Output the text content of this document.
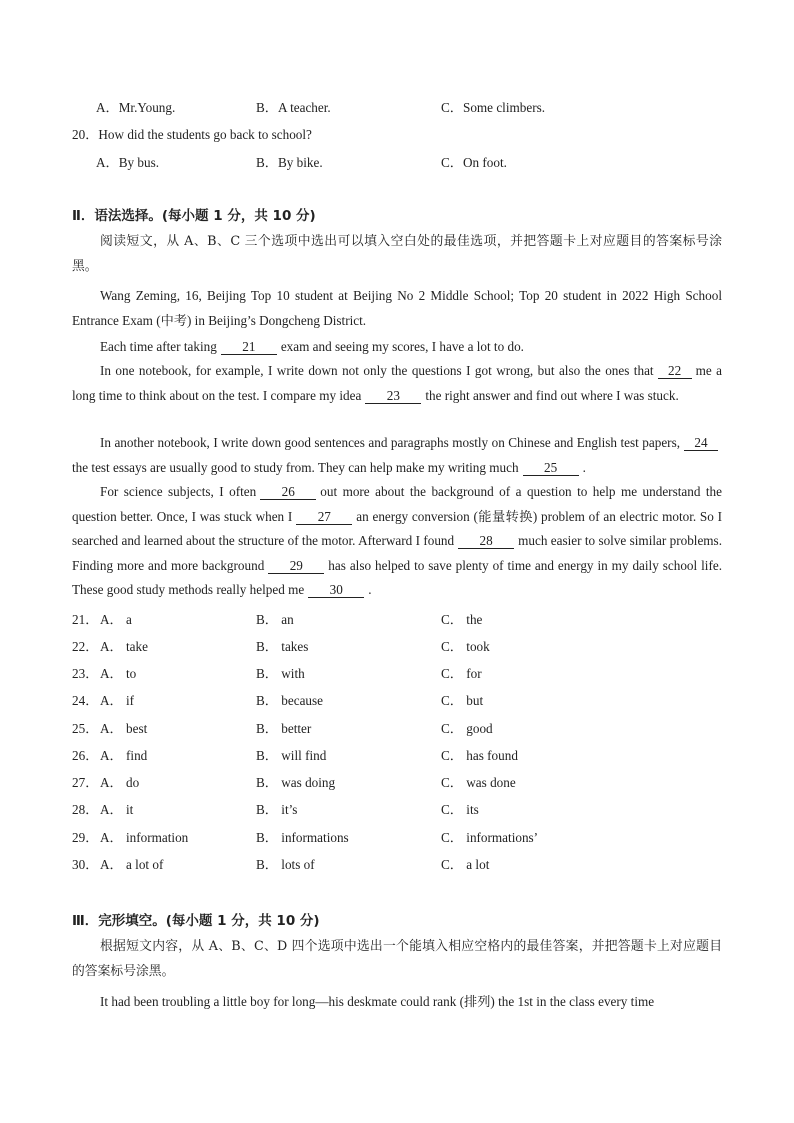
A．Mr.Young.	B．A teacher.	C．Some climbers.
20．How did the students go back to school?
A．By bus.	B．By bike.	C．On foot.
Ⅱ．语法选择。(每小题 1 分，共 10 分)
阅读短文，从 A、B、C 三个选项中选出可以填入空白处的最佳选项，并把答题卡上对应题目的答案标号涂黑。
Wang Zeming, 16, Beijing Top 10 student at Beijing No 2 Middle School; Top 20 student in 2022 High School Entrance Exam (中考) in Beijing’s Dongcheng District.
Each time after taking 21 exam and seeing my scores, I have a lot to do.
In one notebook, for example, I write down not only the questions I got wrong, but also the ones that 22 me a long time to think about on the test. I compare my idea 23 the right answer and find out where I was stuck.
In another notebook, I write down good sentences and paragraphs mostly on Chinese and English test papers, 24the test essays are usually good to study from. They can help make my writing much 25 .
For science subjects, I often 26 out more about the background of a question to help me understand the question better. Once, I was stuck when I 27 an energy conversion (能量转换) problem of an electric motor. So I searched and learned about the structure of the motor. Afterward I found 28 much easier to solve similar problems. Finding more and more background 29 has also helped to save plenty of time and energy in my daily school life. These good study methods really helped me 30 .
21． A． a	B． an	C． the
22． A． take	B． takes	C． took
23． A． to	B． with	C． for
24． A． if	B． because	C． but
25． A． best	B． better	C． good
26． A． find	B． will find	C． has found
27． A． do	B． was doing	C． was done
28． A． it	B． it’s	C． its
29． A． information	B． informations	C． informations’
30． A． a lot of	B． lots of	C． a lot
Ⅲ．完形填空。(每小题 1 分，共 10 分)
根据短文内容，从 A、B、C、D 四个选项中选出一个能填入相应空格内的最佳答案，并把答题卡上对应题目的答案标号涂黑。
It had been troubling a little boy for long—his deskmate could rank (排列) the 1st in the class every time
